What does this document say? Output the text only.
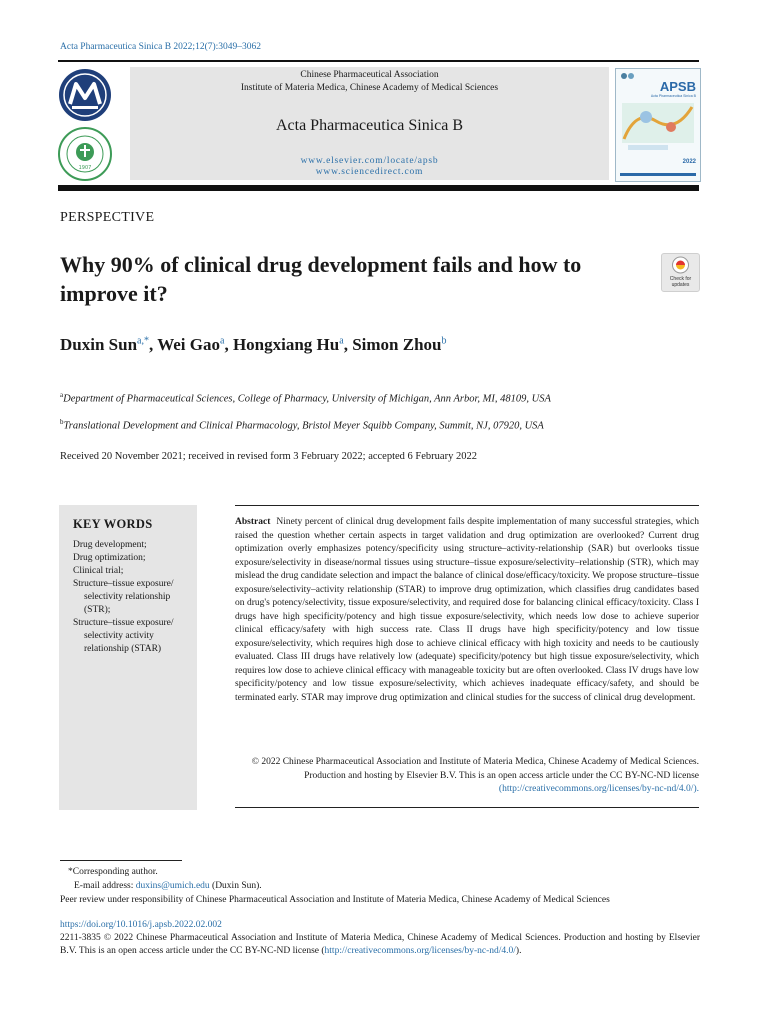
Acta Pharmaceutica Sinica B 2022;12(7):3049–3062
1907
Chinese Pharmaceutical Association
Institute of Materia Medica, Chinese Academy of Medical Sciences
Acta Pharmaceutica Sinica B
www.elsevier.com/locate/apsb
www.sciencedirect.com
APSB
Acta Pharmaceutica Sinica B
2022
PERSPECTIVE
Why 90% of clinical drug development fails and how to improve it?
Check for
updates
Duxin Sun$^{a,*}$, Wei Gao$^a$, Hongxiang Hu$^a$, Simon Zhou$^b$
$^a$Department of Pharmaceutical Sciences, College of Pharmacy, University of Michigan, Ann Arbor, MI, 48109, USA
$^b$Translational Development and Clinical Pharmacology, Bristol Meyer Squibb Company, Summit, NJ, 07920, USA
Received 20 November 2021; received in revised form 3 February 2022; accepted 6 February 2022
KEY WORDS
Drug development;
Drug optimization;
Clinical trial;
Structure–tissue exposure/ selectivity relationship (STR);
Structure–tissue exposure/ selectivity activity relationship (STAR)

Abstract Ninety percent of clinical drug development fails despite implementation of many successful strategies, which raised the question whether certain aspects in target validation and drug optimization are overlooked? Current drug optimization overly emphasizes potency/specificity using structure‒activity-relationship (SAR) but overlooks tissue exposure/selectivity in disease/normal tissues using structure–tissue exposure/selectivity‒relationship (STR), which may mislead the drug candidate selection and impact the balance of clinical dose/efficacy/toxicity. We propose structure–tissue exposure/selectivity‒activity relationship (STAR) to improve drug optimization, which classifies drug candidates based on drug's potency/selectivity, tissue exposure/selectivity, and required dose for balancing clinical efficacy/toxicity. Class I drugs have high specificity/potency and high tissue exposure/selectivity, which needs low dose to achieve superior clinical efficacy/safety with high success rate. Class II drugs have high specificity/potency and low tissue exposure/selectivity, which requires high dose to achieve clinical efficacy with high toxicity and needs to be cautiously evaluated. Class III drugs have relatively low (adequate) specificity/potency but high tissue exposure/selectivity, which requires low dose to achieve clinical efficacy with manageable toxicity but are often overlooked. Class IV drugs have low specificity/potency and low tissue exposure/selectivity, which achieves inadequate efficacy/safety, and should be terminated early. STAR may improve drug optimization and clinical studies for the success of clinical drug development.

© 2022 Chinese Pharmaceutical Association and Institute of Materia Medica, Chinese Academy of Medical Sciences. Production and hosting by Elsevier B.V. This is an open access article under the CC BY-NC-ND license
(http://creativecommons.org/licenses/by-nc-nd/4.0/).

*Corresponding author.
E-mail address: duxins@umich.edu (Duxin Sun).
Peer review under responsibility of Chinese Pharmaceutical Association and Institute of Materia Medica, Chinese Academy of Medical Sciences
https://doi.org/10.1016/j.apsb.2022.02.002
2211-3835 © 2022 Chinese Pharmaceutical Association and Institute of Materia Medica, Chinese Academy of Medical Sciences. Production and hosting by Elsevier B.V. This is an open access article under the CC BY-NC-ND license (http://creativecommons.org/licenses/by-nc-nd/4.0/).
